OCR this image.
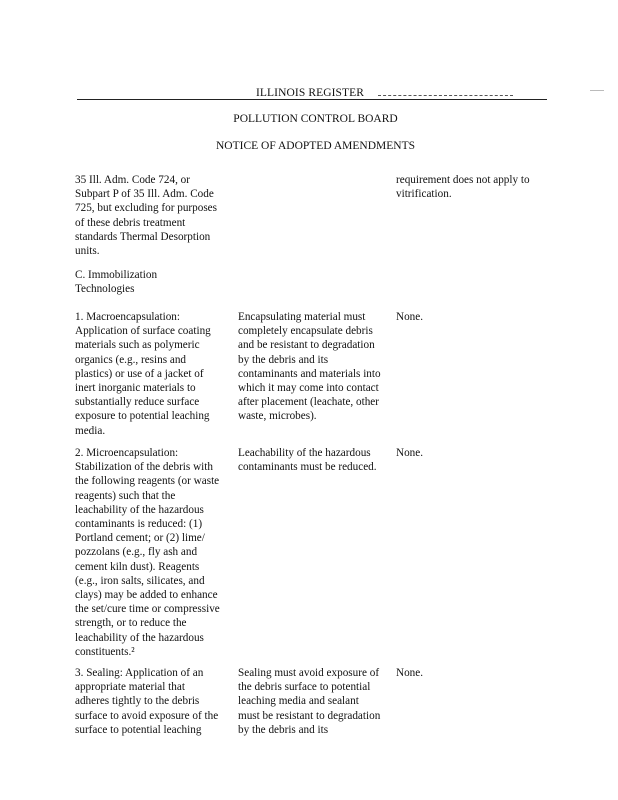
ILLINOIS REGISTER
POLLUTION CONTROL BOARD
NOTICE OF ADOPTED AMENDMENTS
35 Ill. Adm. Code 724, or
Subpart P of 35 Ill. Adm. Code
725, but excluding for purposes
of these debris treatment
standards Thermal Desorption
units.
requirement does not apply to
vitrification.
C. Immobilization
Technologies
1. Macroencapsulation:
Application of surface coating
materials such as polymeric
organics (e.g., resins and
plastics) or use of a jacket of
inert inorganic materials to
substantially reduce surface
exposure to potential leaching
media.
Encapsulating material must
completely encapsulate debris
and be resistant to degradation
by the debris and its
contaminants and materials into
which it may come into contact
after placement (leachate, other
waste, microbes).
None.
2. Microencapsulation:
Stabilization of the debris with
the following reagents (or waste
reagents) such that the
leachability of the hazardous
contaminants is reduced: (1)
Portland cement; or (2) lime/
pozzolans (e.g., fly ash and
cement kiln dust). Reagents
(e.g., iron salts, silicates, and
clays) may be added to enhance
the set/cure time or compressive
strength, or to reduce the
leachability of the hazardous
constituents.²
Leachability of the hazardous
contaminants must be reduced.
None.
3. Sealing: Application of an
appropriate material that
adheres tightly to the debris
surface to avoid exposure of the
surface to potential leaching
Sealing must avoid exposure of
the debris surface to potential
leaching media and sealant
must be resistant to degradation
by the debris and its
None.
